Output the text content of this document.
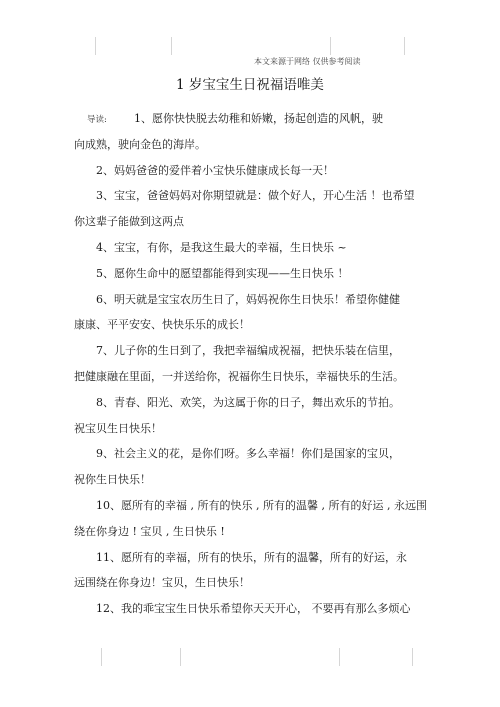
本文来源于网络 仅供参考阅读
1 岁宝宝生日祝福语唯美
导读: 1、愿你快快脱去幼稚和娇嫩，扬起创造的风帆，驶
向成熟，驶向金色的海岸。
2、妈妈爸爸的爱伴着小宝快乐健康成长每一天！
3、宝宝，爸爸妈妈对你期望就是：做个好人，开心生活 ！也希望
你这辈子能做到这两点
4、宝宝，有你，是我这生最大的幸福，生日快乐 ~
5、愿你生命中的愿望都能得到实现——生日快乐 ！
6、明天就是宝宝农历生日了，妈妈祝你生日快乐！希望你健健
康康、平平安安、快快乐乐的成长！
7、儿子你的生日到了，我把幸福编成祝福，把快乐装在信里，
把健康融在里面，一并送给你，祝福你生日快乐，幸福快乐的生活。
8、青春、阳光、欢笑，为这属于你的日子，舞出欢乐的节拍。
祝宝贝生日快乐！
9、社会主义的花，是你们呀。多么幸福！你们是国家的宝贝，
祝你生日快乐！
10、愿所有的幸福 , 所有的快乐 , 所有的温馨 , 所有的好运 , 永远围
绕在你身边 ! 宝贝 , 生日快乐 !
11、愿所有的幸福，所有的快乐，所有的温馨，所有的好运，永
远围绕在你身边！宝贝，生日快乐！
12、我的乖宝宝生日快乐希望你天天开心， 不要再有那么多烦心
